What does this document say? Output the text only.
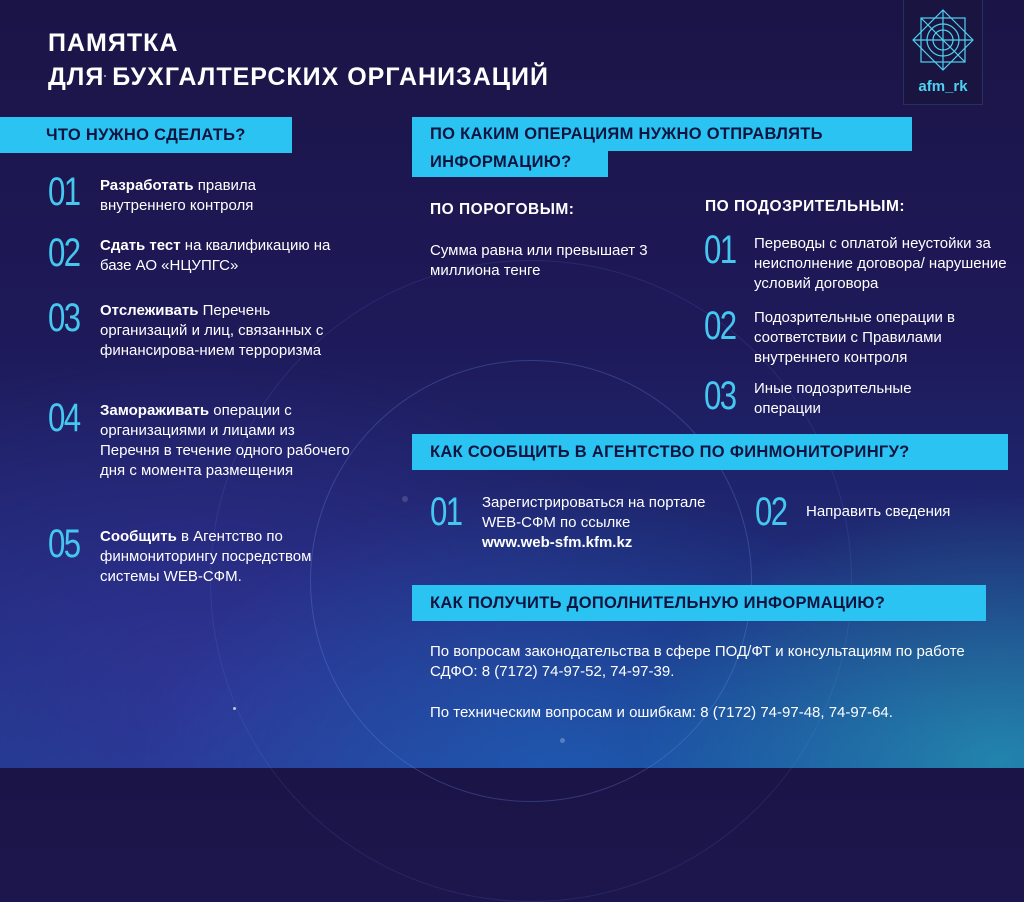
ПАМЯТКА
ДЛЯ БУХГАЛТЕРСКИХ ОРГАНИЗАЦИЙ	afm_rk
ЧТО НУЖНО СДЕЛАТЬ?
01 Разработать правила внутреннего контроля
02 Сдать тест на квалификацию на базе АО «НЦУПГС»
03 Отслеживать Перечень организаций и лиц, связанных с финансирова-нием терроризма
04 Замораживать операции с организациями и лицами из Перечня в течение одного рабочего дня с момента размещения
05 Сообщить в Агентство по финмониторингу посредством системы WEB-СФМ.
ПО КАКИМ ОПЕРАЦИЯМ НУЖНО ОТПРАВЛЯТЬ
ИНФОРМАЦИЮ?
ПО ПОРОГОВЫМ:
Сумма равна или превышает 3 миллиона тенге
ПО ПОДОЗРИТЕЛЬНЫМ:
01 Переводы с оплатой неустойки за неисполнение договора/ нарушение условий договора
02 Подозрительные операции в соответствии с Правилами внутреннего контроля
03 Иные подозрительные операции
КАК СООБЩИТЬ В АГЕНТСТВО ПО ФИНМОНИТОРИНГУ?
01 Зарегистрироваться на портале WEB-СФМ по ссылке
www.web-sfm.kfm.kz
02 Направить сведения
КАК ПОЛУЧИТЬ ДОПОЛНИТЕЛЬНУЮ ИНФОРМАЦИЮ?
По вопросам законодательства в сфере ПОД/ФТ и консультациям по работе СДФО: 8 (7172) 74-97-52, 74-97-39.
По техническим вопросам и ошибкам: 8 (7172) 74-97-48, 74-97-64.
